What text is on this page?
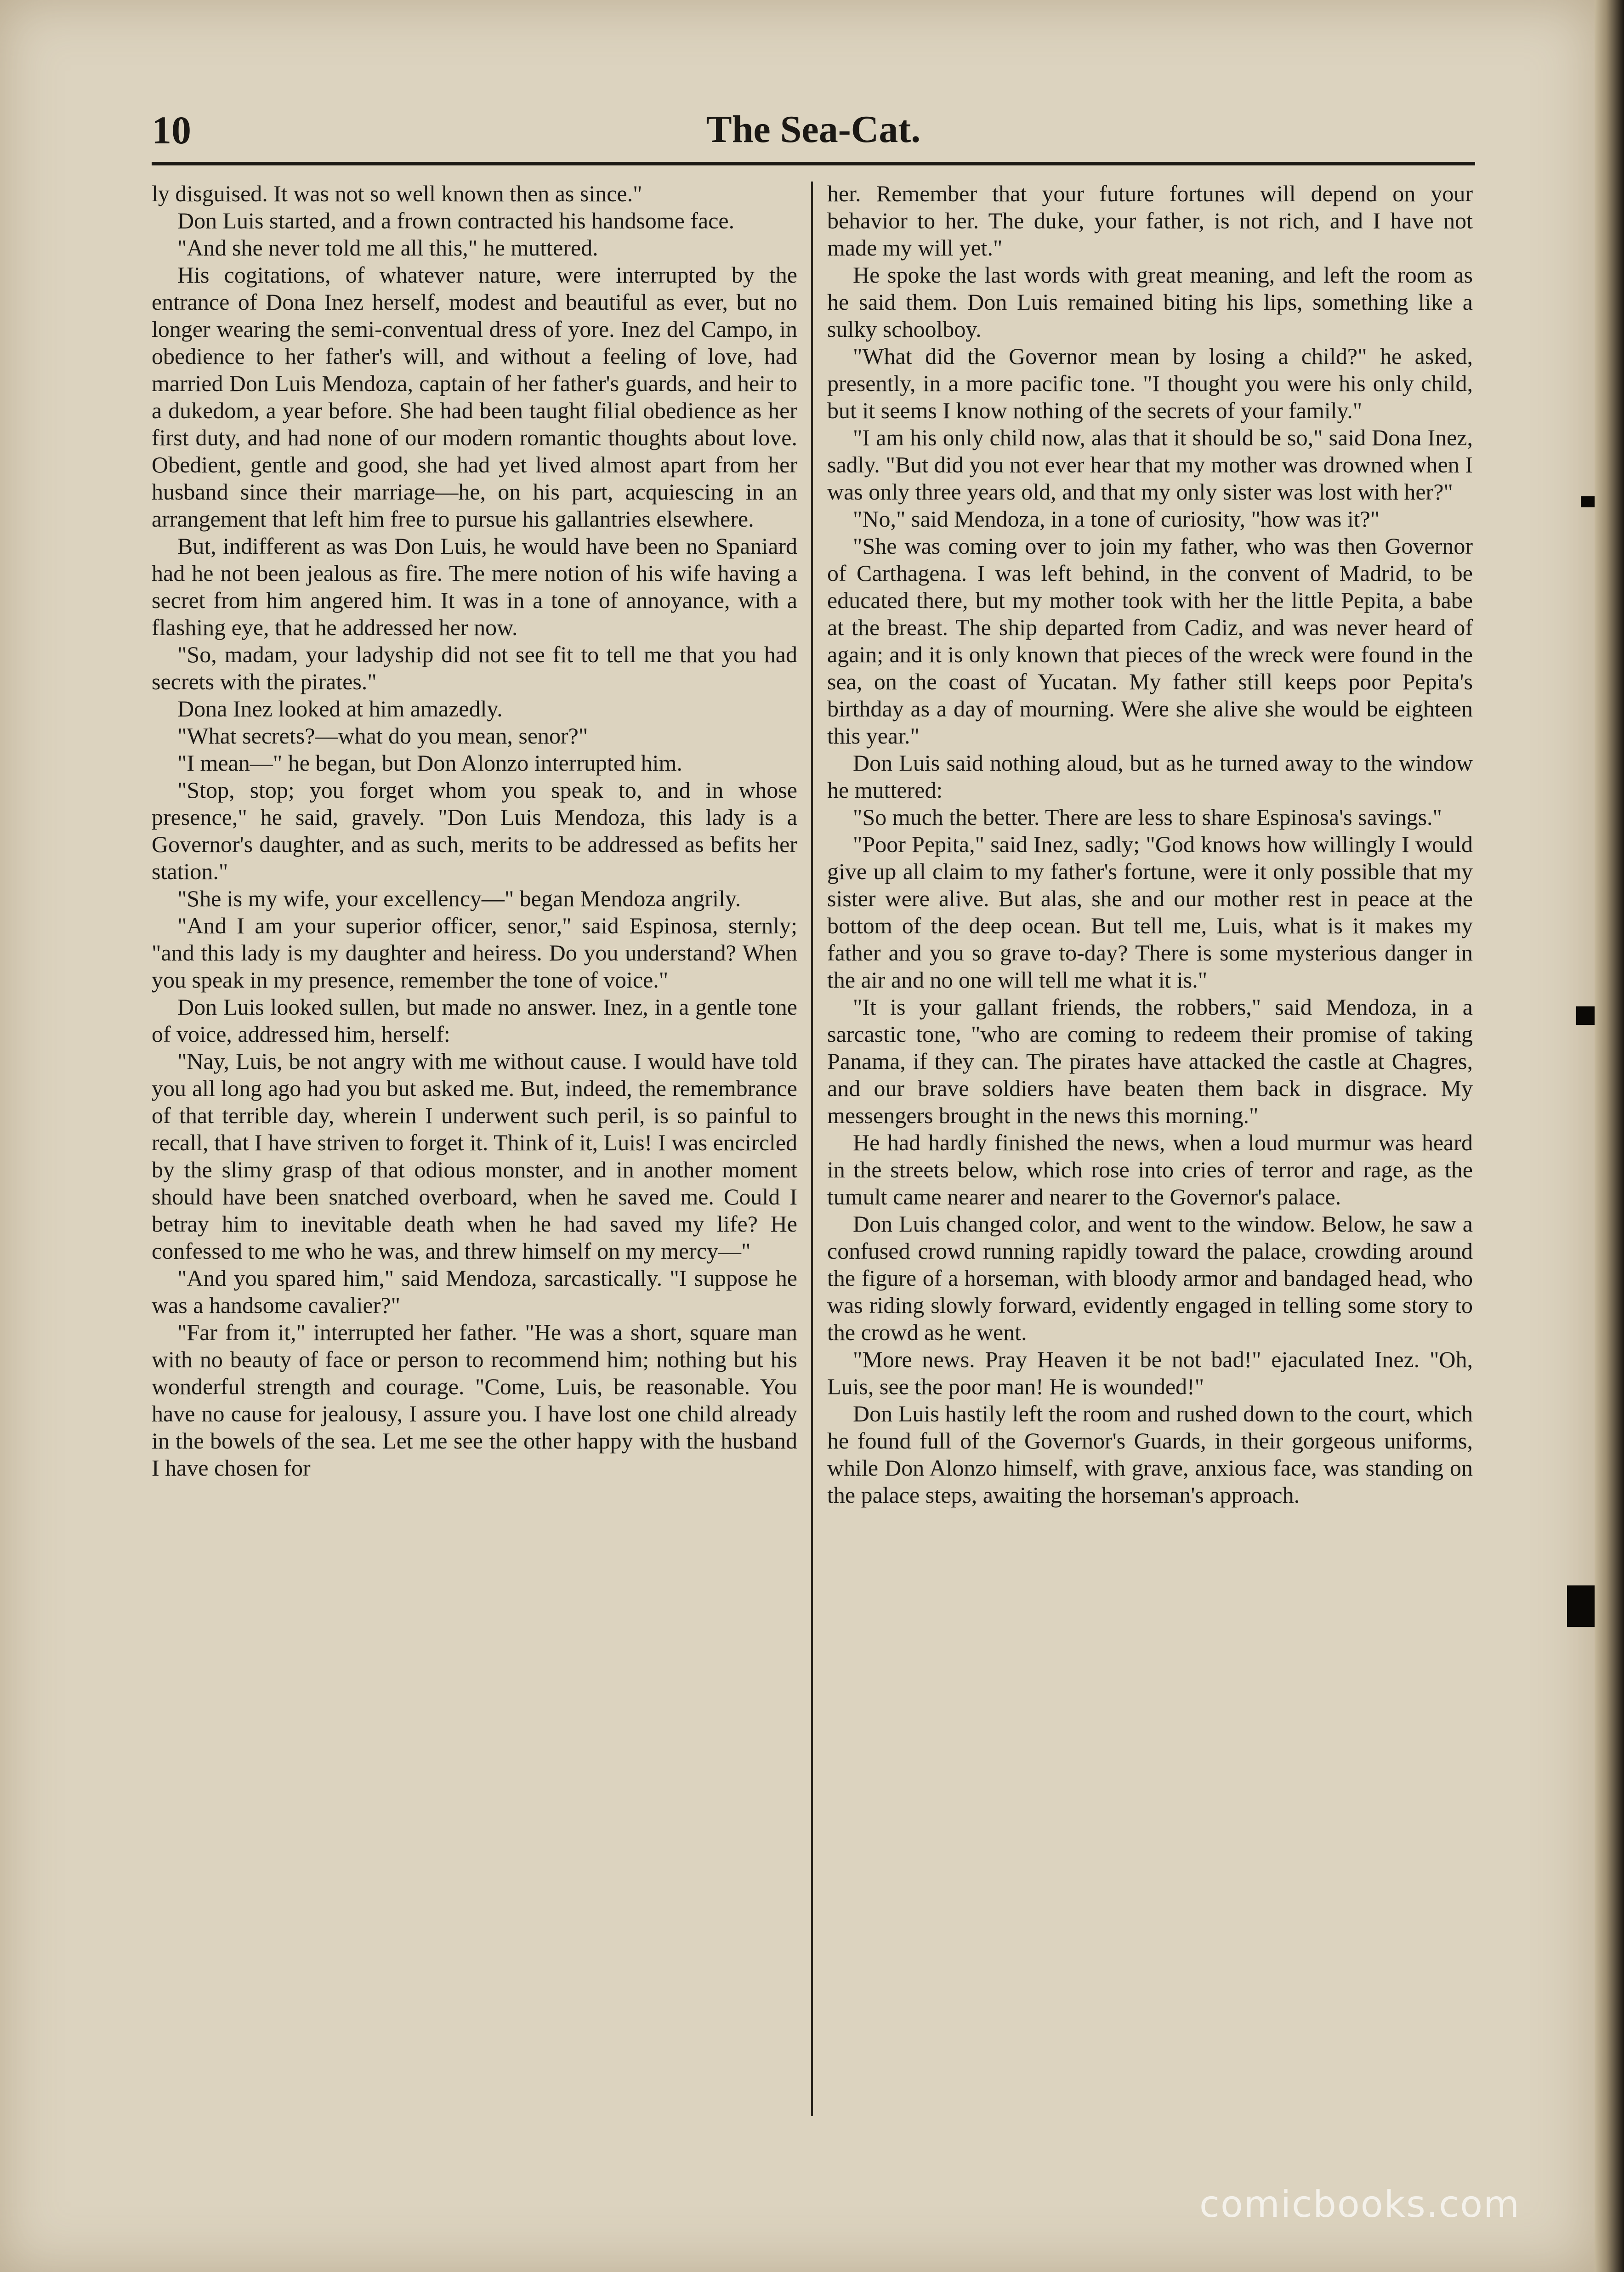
10	The Sea-Cat.

ly disguised. It was not so well known then as since."

Don Luis started, and a frown contracted his handsome face.

"And she never told me all this," he muttered.

His cogitations, of whatever nature, were interrupted by the entrance of Dona Inez herself, modest and beautiful as ever, but no longer wearing the semi-conventual dress of yore. Inez del Campo, in obedience to her father's will, and without a feeling of love, had married Don Luis Mendoza, captain of her father's guards, and heir to a dukedom, a year before. She had been taught filial obedience as her first duty, and had none of our modern romantic thoughts about love. Obedient, gentle and good, she had yet lived almost apart from her husband since their marriage—he, on his part, acquiescing in an arrangement that left him free to pursue his gallantries elsewhere.

But, indifferent as was Don Luis, he would have been no Spaniard had he not been jealous as fire. The mere notion of his wife having a secret from him angered him. It was in a tone of annoyance, with a flashing eye, that he addressed her now.

"So, madam, your ladyship did not see fit to tell me that you had secrets with the pirates."

Dona Inez looked at him amazedly.

"What secrets?—what do you mean, senor?"

"I mean—" he began, but Don Alonzo interrupted him.

"Stop, stop; you forget whom you speak to, and in whose presence," he said, gravely. "Don Luis Mendoza, this lady is a Governor's daughter, and as such, merits to be addressed as befits her station."

"She is my wife, your excellency—" began Mendoza angrily.

"And I am your superior officer, senor," said Espinosa, sternly; "and this lady is my daughter and heiress. Do you understand? When you speak in my presence, remember the tone of voice."

Don Luis looked sullen, but made no answer. Inez, in a gentle tone of voice, addressed him, herself:

"Nay, Luis, be not angry with me without cause. I would have told you all long ago had you but asked me. But, indeed, the remembrance of that terrible day, wherein I underwent such peril, is so painful to recall, that I have striven to forget it. Think of it, Luis! I was encircled by the slimy grasp of that odious monster, and in another moment should have been snatched overboard, when he saved me. Could I betray him to inevitable death when he had saved my life? He confessed to me who he was, and threw himself on my mercy—"

"And you spared him," said Mendoza, sarcastically. "I suppose he was a handsome cavalier?"

"Far from it," interrupted her father. "He was a short, square man with no beauty of face or person to recommend him; nothing but his wonderful strength and courage. "Come, Luis, be reasonable. You have no cause for jealousy, I assure you. I have lost one child already in the bowels of the sea. Let me see the other happy with the husband I have chosen for

her. Remember that your future fortunes will depend on your behavior to her. The duke, your father, is not rich, and I have not made my will yet."

He spoke the last words with great meaning, and left the room as he said them. Don Luis remained biting his lips, something like a sulky schoolboy.

"What did the Governor mean by losing a child?" he asked, presently, in a more pacific tone. "I thought you were his only child, but it seems I know nothing of the secrets of your family."

"I am his only child now, alas that it should be so," said Dona Inez, sadly. "But did you not ever hear that my mother was drowned when I was only three years old, and that my only sister was lost with her?"

"No," said Mendoza, in a tone of curiosity, "how was it?"

"She was coming over to join my father, who was then Governor of Carthagena. I was left behind, in the convent of Madrid, to be educated there, but my mother took with her the little Pepita, a babe at the breast. The ship departed from Cadiz, and was never heard of again; and it is only known that pieces of the wreck were found in the sea, on the coast of Yucatan. My father still keeps poor Pepita's birthday as a day of mourning. Were she alive she would be eighteen this year."

Don Luis said nothing aloud, but as he turned away to the window he muttered:

"So much the better. There are less to share Espinosa's savings."

"Poor Pepita," said Inez, sadly; "God knows how willingly I would give up all claim to my father's fortune, were it only possible that my sister were alive. But alas, she and our mother rest in peace at the bottom of the deep ocean. But tell me, Luis, what is it makes my father and you so grave to-day? There is some mysterious danger in the air and no one will tell me what it is."

"It is your gallant friends, the robbers," said Mendoza, in a sarcastic tone, "who are coming to redeem their promise of taking Panama, if they can. The pirates have attacked the castle at Chagres, and our brave soldiers have beaten them back in disgrace. My messengers brought in the news this morning."

He had hardly finished the news, when a loud murmur was heard in the streets below, which rose into cries of terror and rage, as the tumult came nearer and nearer to the Governor's palace.

Don Luis changed color, and went to the window. Below, he saw a confused crowd running rapidly toward the palace, crowding around the figure of a horseman, with bloody armor and bandaged head, who was riding slowly forward, evidently engaged in telling some story to the crowd as he went.

"More news. Pray Heaven it be not bad!" ejaculated Inez. "Oh, Luis, see the poor man! He is wounded!"

Don Luis hastily left the room and rushed down to the court, which he found full of the Governor's Guards, in their gorgeous uniforms, while Don Alonzo himself, with grave, anxious face, was standing on the palace steps, awaiting the horseman's approach.

comicbooks.com
